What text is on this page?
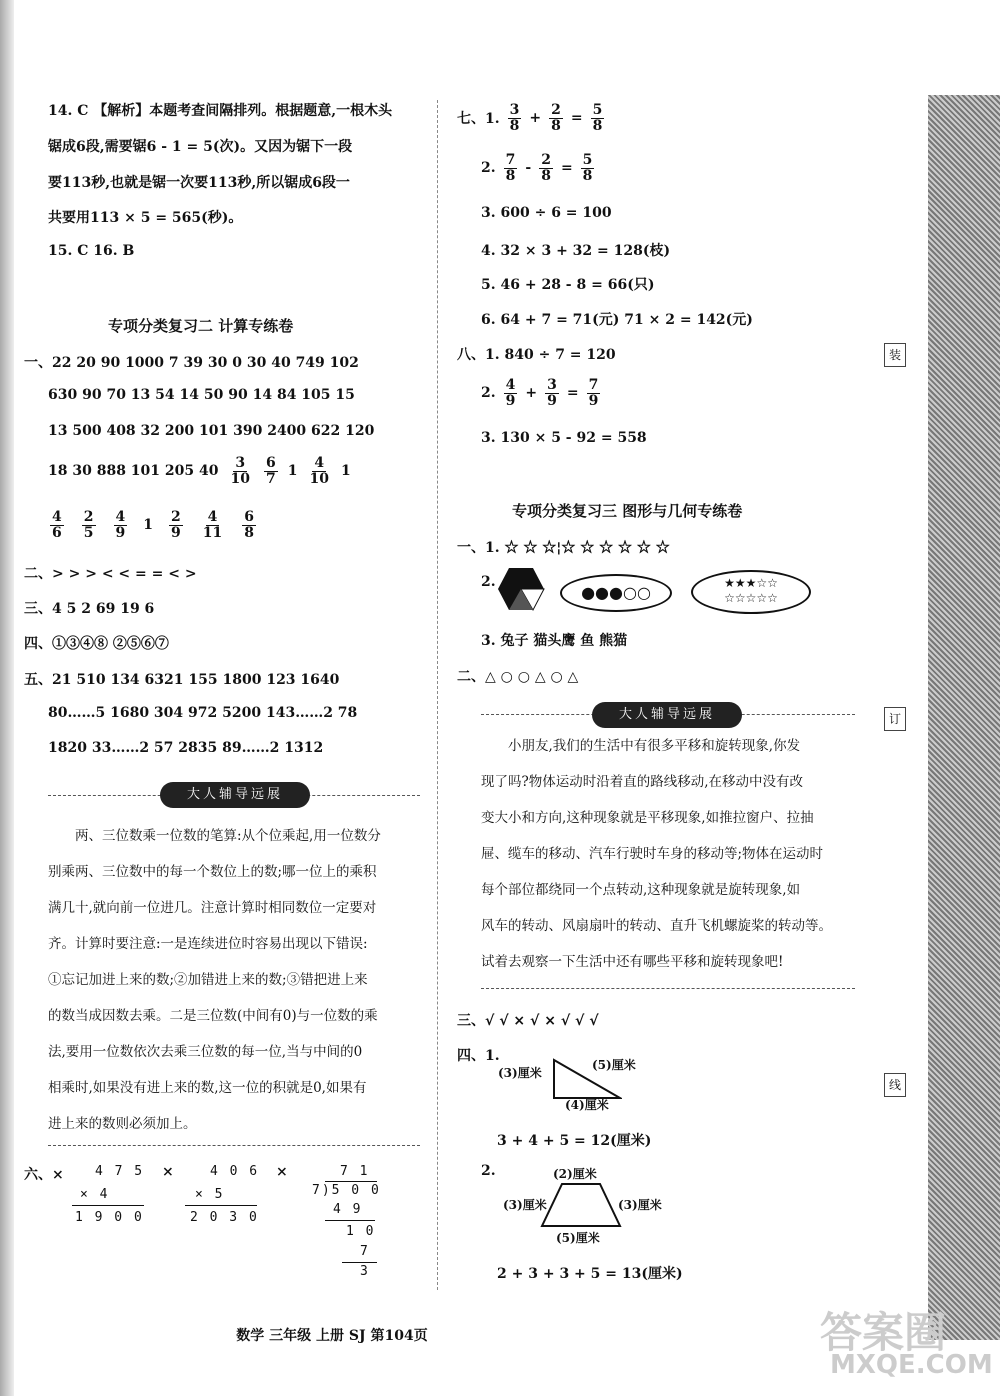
装
订
线
14. C 【解析】本题考查间隔排列。根据题意,一根木头
锯成6段,需要锯6 - 1 = 5(次)。又因为锯下一段
要113秒,也就是锯一次要113秒,所以锯成6段一
共要用113 × 5 = 565(秒)。
15. C 16. B
专项分类复习二 计算专练卷
一、22 20 90 1000 7 39 30 0 30 40 749 102
630 90 70 13 54 14 50 90 14 84 105 15
13 500 408 32 200 101 390 2400 622 120
18 30 888 101 205 $40 \frac{3}{10} \frac{6}{7} 1 \frac{4}{10} 1$
$\frac{4}{6} \frac{2}{5} \frac{4}{9} 1 \frac{2}{9} \frac{4}{11} \frac{6}{8}$
二、> > > < < = = < >
三、4 5 2 69 19 6
四、①③④⑧ ②⑤⑥⑦
五、21 510 134 6321 155 1800 123 1640
80……5 1680 304 972 5200 143……2 78
1820 33……2 57 2835 89……2 1312
大人辅导远展
两、三位数乘一位数的笔算:从个位乘起,用一位数分
别乘两、三位数中的每一个数位上的数;哪一位上的乘积
满几十,就向前一位进几。注意计算时相同数位一定要对
齐。计算时要注意:一是连续进位时容易出现以下错误:
①忘记加进上来的数;②加错进上来的数;③错把进上来
的数当成因数去乘。二是三位数(中间有0)与一位数的乘
法,要用一位数依次去乘三位数的每一位,当与中间的0
相乘时,如果没有进上来的数,这一位的积就是0,如果有
进上来的数则必须加上。
六、× 4 7 5
× 4
1 9 0 0
×	4 0 6
× 5
2 0 3 0
×	7 1
7)5 0 0
4 9
1 0
7
3
七、1. $\frac{3}{8} + \frac{2}{8} = \frac{5}{8}$
2. $\frac{7}{8} - \frac{2}{8} = \frac{5}{8}$
3. 600 ÷ 6 = 100
4. 32 × 3 + 32 = 128(枝)
5. 46 + 28 - 8 = 66(只)
6. 64 + 7 = 71(元) 71 × 2 = 142(元)
八、1. 840 ÷ 7 = 120
2. $\frac{4}{9} + \frac{3}{9} = \frac{7}{9}$
3. 130 × 5 - 92 = 558
专项分类复习三 图形与几何专练卷
一、1. ☆ ☆ ☆¦☆ ☆ ☆ ☆ ☆ ☆
2.
●●●○○	★★★☆☆
☆☆☆☆☆
3. 兔子 猫头鹰 鱼 熊猫
二、△ ○ ○ △ ○ △
大人辅导远展
小朋友,我们的生活中有很多平移和旋转现象,你发
现了吗?物体运动时沿着直的路线移动,在移动中没有改
变大小和方向,这种现象就是平移现象,如推拉窗户、拉抽
屉、缆车的移动、汽车行驶时车身的移动等;物体在运动时
每个部位都绕同一个点转动,这种现象就是旋转现象,如
风车的转动、风扇扇叶的转动、直升飞机螺旋桨的转动等。
试着去观察一下生活中还有哪些平移和旋转现象吧!
三、√ √ × √ × √ √ √
四、1.
(3)厘米
(5)厘米
(4)厘米
3 + 4 + 5 = 12(厘米)
2.	(2)厘米
(3)厘米	(3)厘米
(5)厘米
2 + 3 + 3 + 5 = 13(厘米)
数学 三年级 上册 SJ 第104页	答案圈
MXQE.COM
